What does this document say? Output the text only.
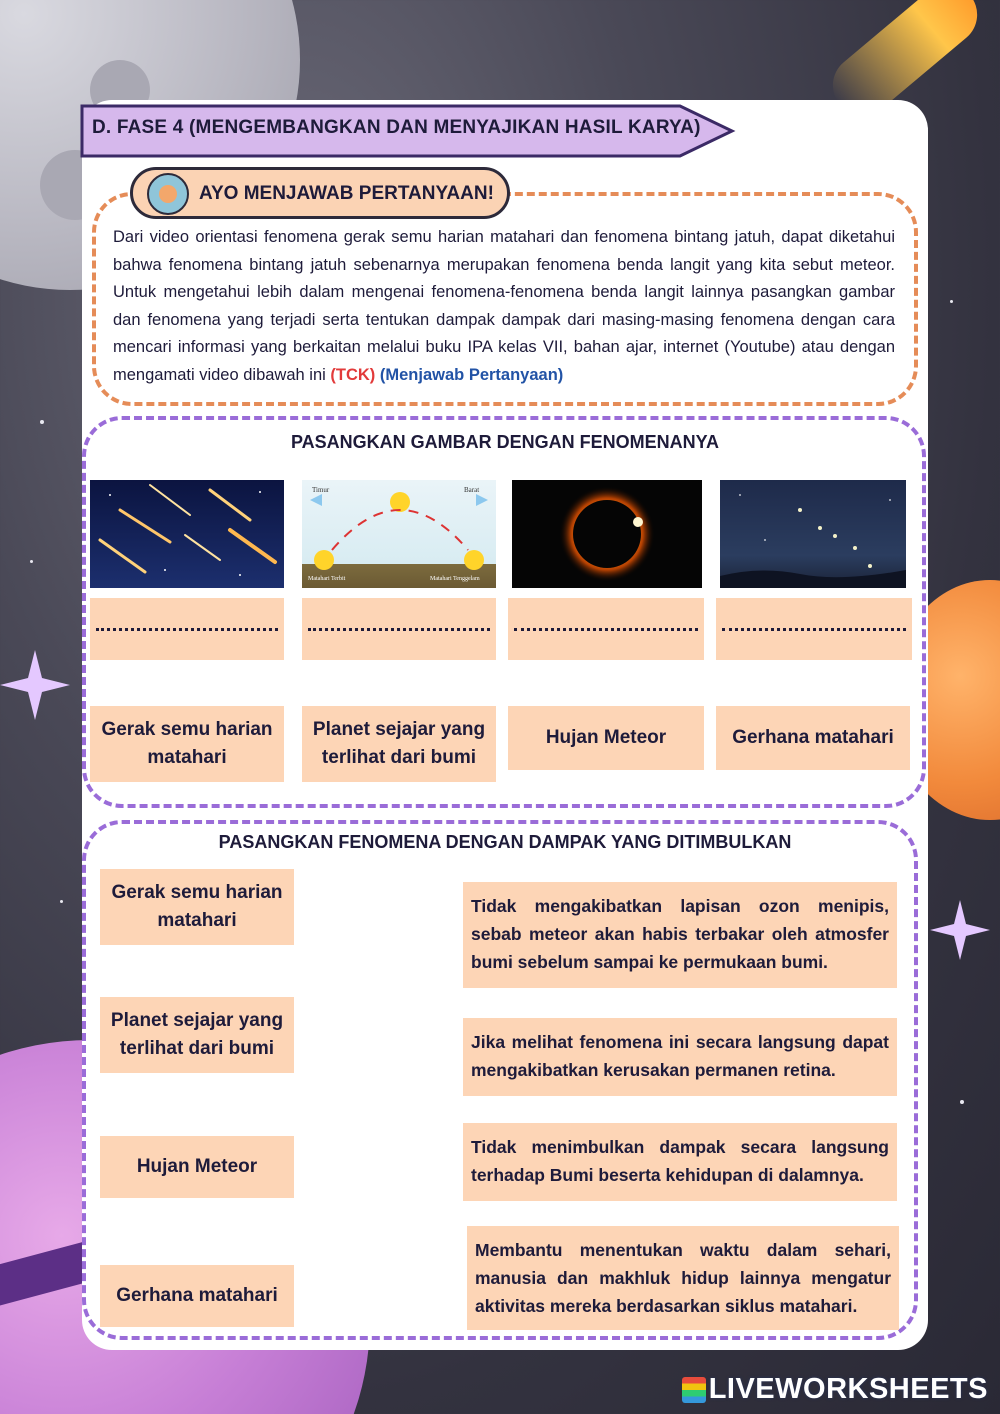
D. FASE 4 (MENGEMBANGKAN DAN MENYAJIKAN HASIL KARYA)
AYO MENJAWAB PERTANYAAN!

Dari video orientasi fenomena gerak semu harian matahari dan fenomena bintang jatuh, dapat diketahui bahwa fenomena bintang jatuh sebenarnya merupakan fenomena benda langit yang kita sebut meteor. Untuk mengetahui lebih dalam mengenai fenomena-fenomena benda langit lainnya pasangkan gambar dan fenomena yang terjadi serta tentukan dampak dampak dari masing-masing fenomena dengan cara mencari informasi yang berkaitan melalui buku IPA kelas VII, bahan ajar, internet (Youtube) atau dengan mengamati video dibawah ini (TCK) (Menjawab Pertanyaan)

PASANGKAN GAMBAR DENGAN FENOMENANYA
Timur	Barat
Matahari Terbit	Matahari Tenggelam
Gerak semu harian matahari
Planet sejajar yang terlihat dari bumi
Hujan Meteor	Gerhana matahari
PASANGKAN FENOMENA DENGAN DAMPAK YANG DITIMBULKAN
Gerak semu harian matahari
Planet sejajar yang terlihat dari bumi
Hujan Meteor
Gerhana matahari
Tidak mengakibatkan lapisan ozon menipis, sebab meteor akan habis terbakar oleh atmosfer bumi sebelum sampai ke permukaan bumi.
Jika melihat fenomena ini secara langsung dapat mengakibatkan kerusakan permanen retina.
Tidak menimbulkan dampak secara langsung terhadap Bumi beserta kehidupan di dalamnya.
Membantu menentukan waktu dalam sehari, manusia dan makhluk hidup lainnya mengatur aktivitas mereka berdasarkan siklus matahari.
LIVEWORKSHEETS
